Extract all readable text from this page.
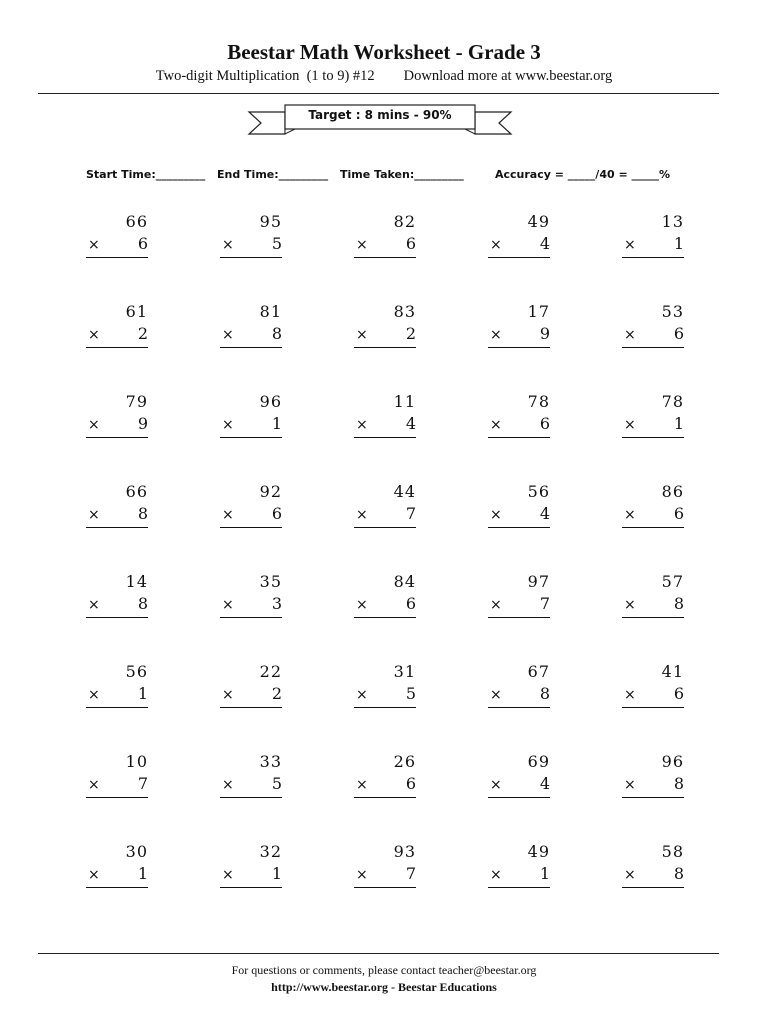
Beestar Math Worksheet - Grade 3
Two-digit Multiplication  (1 to 9) #12        Download more at www.beestar.org
Target : 8 mins - 90%
Start Time:_________ End Time:_________ Time Taken:_________	Accuracy = _____/40 = _____%
66
× 6
95
× 5
82
× 6
49
× 4
13
× 1
61
× 2
81
× 8
83
× 2
17
× 9
53
× 6
79
× 9
96
× 1
11
× 4
78
× 6
78
× 1
66
× 8
92
× 6
44
× 7
56
× 4
86
× 6
14
× 8
35
× 3
84
× 6
97
× 7
57
× 8
56
× 1
22
× 2
31
× 5
67
× 8
41
× 6
10
× 7
33
× 5
26
× 6
69
× 4
96
× 8
30
× 1
32
× 1
93
× 7
49
× 1
58
× 8
For questions or comments, please contact teacher@beestar.org
http://www.beestar.org - Beestar Educations
